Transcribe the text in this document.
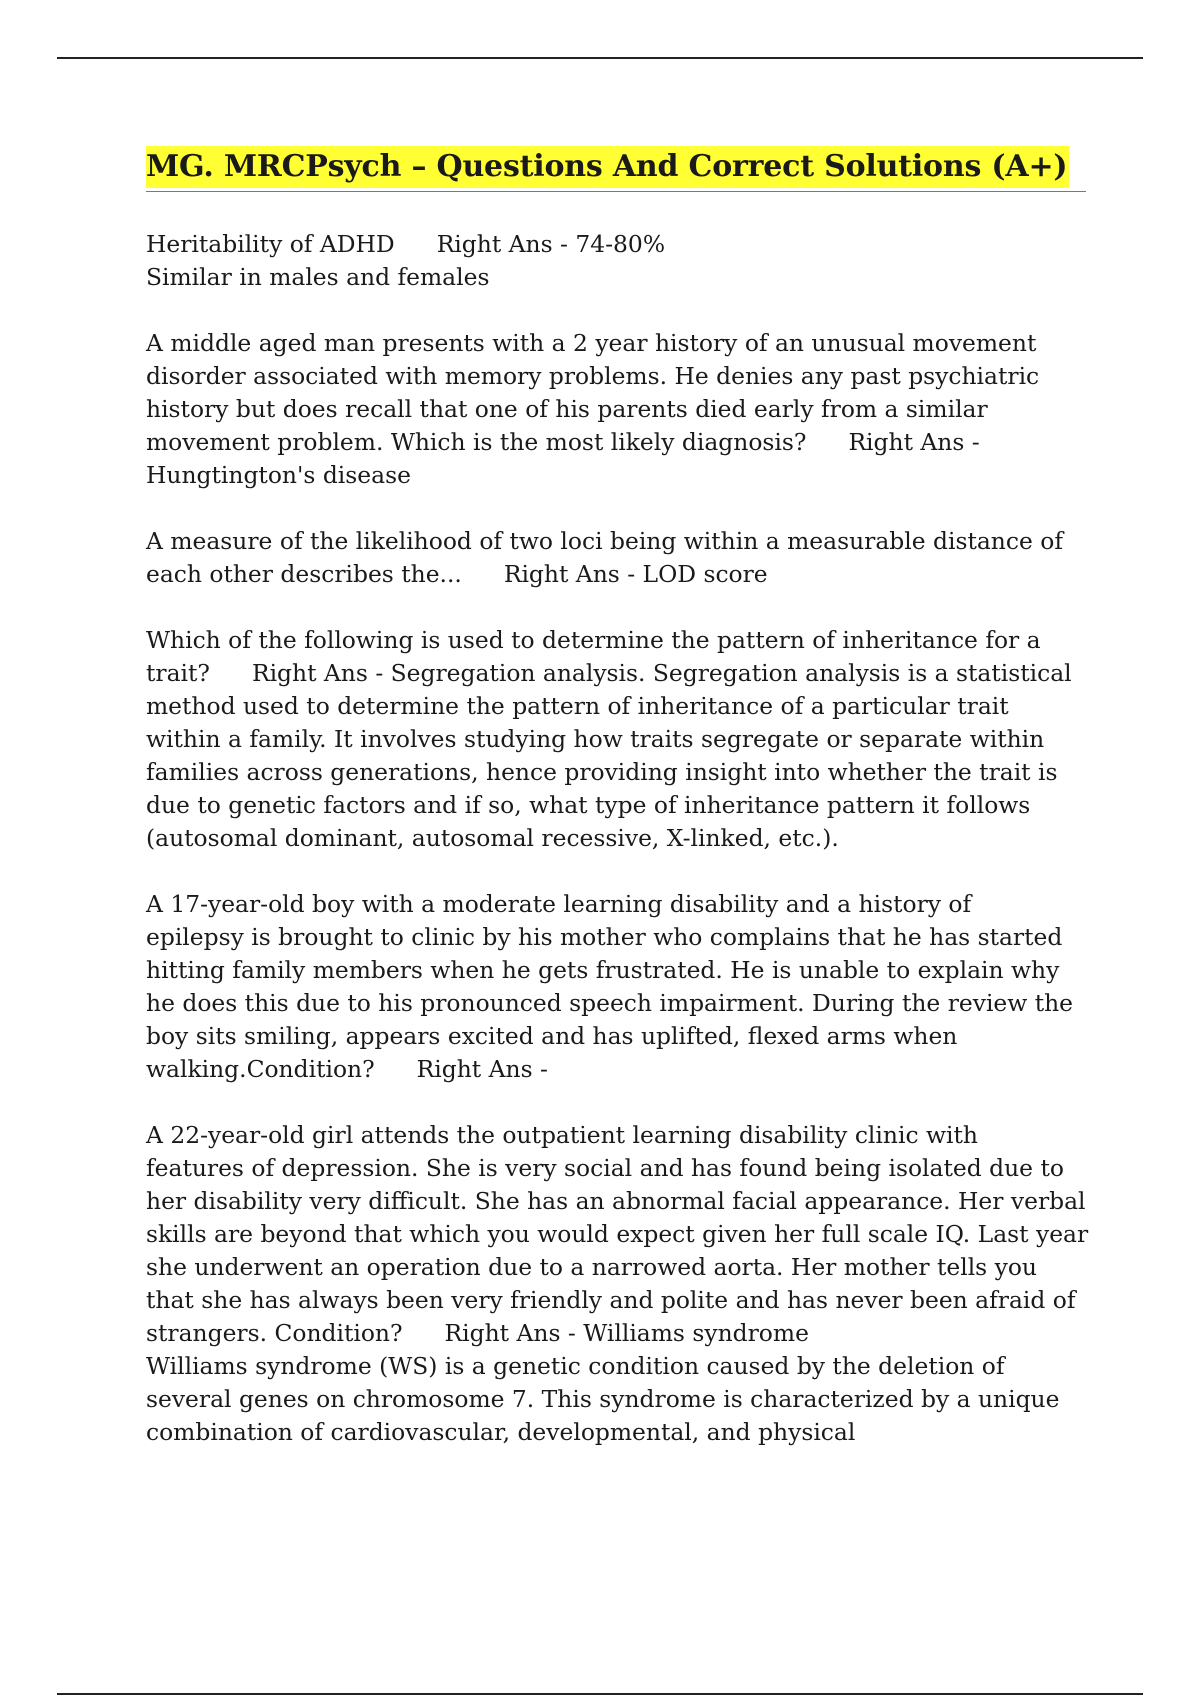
MG. MRCPsych – Questions And Correct Solutions (A+)
Heritability of ADHD Right Ans - 74-80%
Similar in males and females
A middle aged man presents with a 2 year history of an unusual movement
disorder associated with memory problems. He denies any past psychiatric
history but does recall that one of his parents died early from a similar
movement problem. Which is the most likely diagnosis? Right Ans -
Hungtington's disease
A measure of the likelihood of two loci being within a measurable distance of
each other describes the... Right Ans - LOD score
Which of the following is used to determine the pattern of inheritance for a
trait? Right Ans - Segregation analysis. Segregation analysis is a statistical
method used to determine the pattern of inheritance of a particular trait
within a family. It involves studying how traits segregate or separate within
families across generations, hence providing insight into whether the trait is
due to genetic factors and if so, what type of inheritance pattern it follows
(autosomal dominant, autosomal recessive, X-linked, etc.).
A 17-year-old boy with a moderate learning disability and a history of
epilepsy is brought to clinic by his mother who complains that he has started
hitting family members when he gets frustrated. He is unable to explain why
he does this due to his pronounced speech impairment. During the review the
boy sits smiling, appears excited and has uplifted, flexed arms when
walking.Condition? Right Ans -
A 22-year-old girl attends the outpatient learning disability clinic with
features of depression. She is very social and has found being isolated due to
her disability very difficult. She has an abnormal facial appearance. Her verbal
skills are beyond that which you would expect given her full scale IQ. Last year
she underwent an operation due to a narrowed aorta. Her mother tells you
that she has always been very friendly and polite and has never been afraid of
strangers. Condition? Right Ans - Williams syndrome
Williams syndrome (WS) is a genetic condition caused by the deletion of
several genes on chromosome 7. This syndrome is characterized by a unique
combination of cardiovascular, developmental, and physical
